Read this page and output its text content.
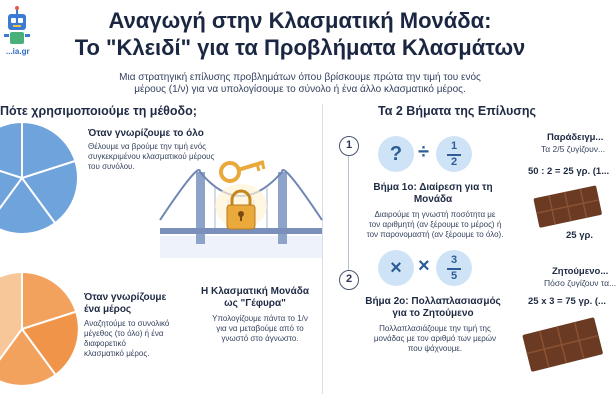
...ia.gr
Αναγωγή στην Κλασματική Μονάδα:
Το "Κλειδί" για τα Προβλήματα Κλασμάτων
Μια στρατηγική επίλυσης προβλημάτων όπου βρίσκουμε πρώτα την τιμή του ενός
μέρους (1/ν) για να υπολογίσουμε το σύνολο ή ένα άλλο κλασματικό μέρος.
Πότε χρησιμοποιούμε τη μέθοδο;	Τα 2 Βήματα της Επίλυσης
Όταν γνωρίζουμε το όλο
Θέλουμε να βρούμε την τιμή ενός
συγκεκριμένου κλασματικού μέρους
του συνόλου.
Όταν γνωρίζουμε
ένα μέρος
Αναζητούμε το συνολικό
μέγεθος (το όλο) ή ένα
διαφορετικό
κλασματικό μέρος.
Η Κλασματική Μονάδα
ως "Γέφυρα"
Υπολογίζουμε πάντα το 1/ν
για να μεταβούμε από το
γνωστό στο άγνωστο.
1	? ÷	1
2
Βήμα 1ο: Διαίρεση για τη
Μονάδα
Διαιρούμε τη γνωστή ποσότητα με
τον αριθμητή (αν ξέρουμε το μέρος) ή
τον παρονομαστή (αν ξέρουμε το όλο).
2	× ×	3
5
Βήμα 2ο: Πολλαπλασιασμός
για το Ζητούμενο
Πολλαπλασιάζουμε την τιμή της
μονάδας με τον αριθμό των μερών
που ψάχνουμε.
Παράδειγμ...
Τα 2/5 ζυγίζουν...
50 : 2 = 25 γρ. (1...
25 γρ.
Ζητούμενο...
Πόσο ζυγίζουν τα...
25 x 3 = 75 γρ. (...
